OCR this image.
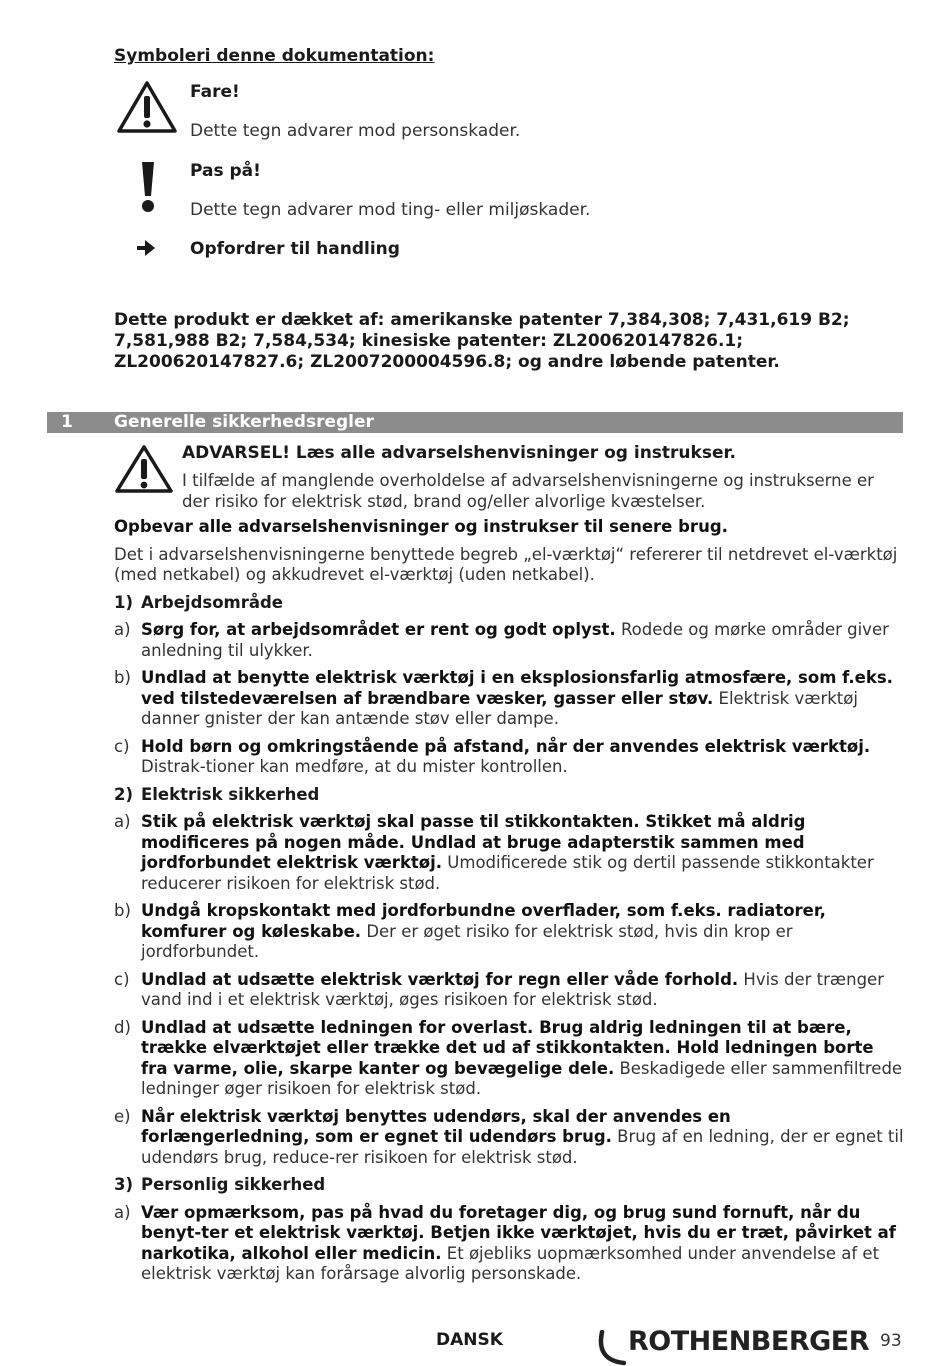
Symboleri denne dokumentation:
Fare!
Dette tegn advarer mod personskader.
Pas på!
Dette tegn advarer mod ting- eller miljøskader.
Opfordrer til handling
Dette produkt er dækket af: amerikanske patenter 7,384,308; 7,431,619 B2; 7,581,988 B2; 7,584,534; kinesiske patenter: ZL200620147826.1; ZL200620147827.6; ZL2007200004596.8; og andre løbende patenter.
1 Generelle sikkerhedsregler
ADVARSEL! Læs alle advarselshenvisninger og instrukser.
I tilfælde af manglende overholdelse af advarselshenvisningerne og instrukserne er der risiko for elektrisk stød, brand og/eller alvorlige kvæstelser.

Opbevar alle advarselshenvisninger og instrukser til senere brug.

Det i advarselshenvisningerne benyttede begreb „el-værktøj“ refererer til netdrevet el-værktøj (med netkabel) og akkudrevet el-værktøj (uden netkabel).

1) Arbejdsområde
a) Sørg for, at arbejdsområdet er rent og godt oplyst. Rodede og mørke områder giver anledning til ulykker.
b) Undlad at benytte elektrisk værktøj i en eksplosionsfarlig atmosfære, som f.eks. ved tilstedeværelsen af brændbare væsker, gasser eller støv. Elektrisk værktøj danner gnister der kan antænde støv eller dampe.
c) Hold børn og omkringstående på afstand, når der anvendes elektrisk værktøj. Distrak-tioner kan medføre, at du mister kontrollen.
2) Elektrisk sikkerhed
a) Stik på elektrisk værktøj skal passe til stikkontakten. Stikket må aldrig modificeres på nogen måde. Undlad at bruge adapterstik sammen med jordforbundet elektrisk værktøj. Umodificerede stik og dertil passende stikkontakter reducerer risikoen for elektrisk stød.
b) Undgå kropskontakt med jordforbundne overflader, som f.eks. radiatorer, komfurer og køleskabe. Der er øget risiko for elektrisk stød, hvis din krop er jordforbundet.
c) Undlad at udsætte elektrisk værktøj for regn eller våde forhold. Hvis der trænger vand ind i et elektrisk værktøj, øges risikoen for elektrisk stød.
d) Undlad at udsætte ledningen for overlast. Brug aldrig ledningen til at bære, trække elværktøjet eller trække det ud af stikkontakten. Hold ledningen borte fra varme, olie, skarpe kanter og bevægelige dele. Beskadigede eller sammenfiltrede ledninger øger risikoen for elektrisk stød.
e) Når elektrisk værktøj benyttes udendørs, skal der anvendes en forlængerledning, som er egnet til udendørs brug. Brug af en ledning, der er egnet til udendørs brug, reduce-rer risikoen for elektrisk stød.
3) Personlig sikkerhed
a) Vær opmærksom, pas på hvad du foretager dig, og brug sund fornuft, når du benyt-ter et elektrisk værktøj. Betjen ikke værktøjet, hvis du er træt, påvirket af narkotika, alkohol eller medicin. Et øjebliks uopmærksomhed under anvendelse af et elektrisk værktøj kan forårsage alvorlig personskade.
DANSK	ROTHENBERGER 93
